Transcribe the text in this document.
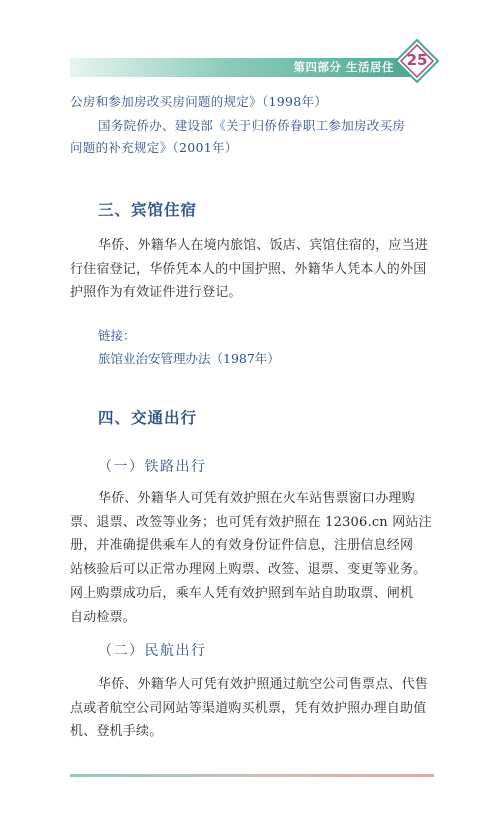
第四部分 生活居住 25
公房和参加房改买房问题的规定》（1998年）
国务院侨办、建设部《关于归侨侨眷职工参加房改买房
问题的补充规定》（2001年）
三、宾馆住宿
华侨、外籍华人在境内旅馆、饭店、宾馆住宿的，应当进
行住宿登记，华侨凭本人的中国护照、外籍华人凭本人的外国
护照作为有效证件进行登记。
链接：
旅馆业治安管理办法（1987年）
四、交通出行
（一）铁路出行
华侨、外籍华人可凭有效护照在火车站售票窗口办理购
票、退票、改签等业务；也可凭有效护照在 12306.cn 网站注
册，并准确提供乘车人的有效身份证件信息，注册信息经网
站核验后可以正常办理网上购票、改签、退票、变更等业务。
网上购票成功后，乘车人凭有效护照到车站自助取票、闸机
自动检票。
（二）民航出行
华侨、外籍华人可凭有效护照通过航空公司售票点、代售
点或者航空公司网站等渠道购买机票，凭有效护照办理自助值
机、登机手续。
